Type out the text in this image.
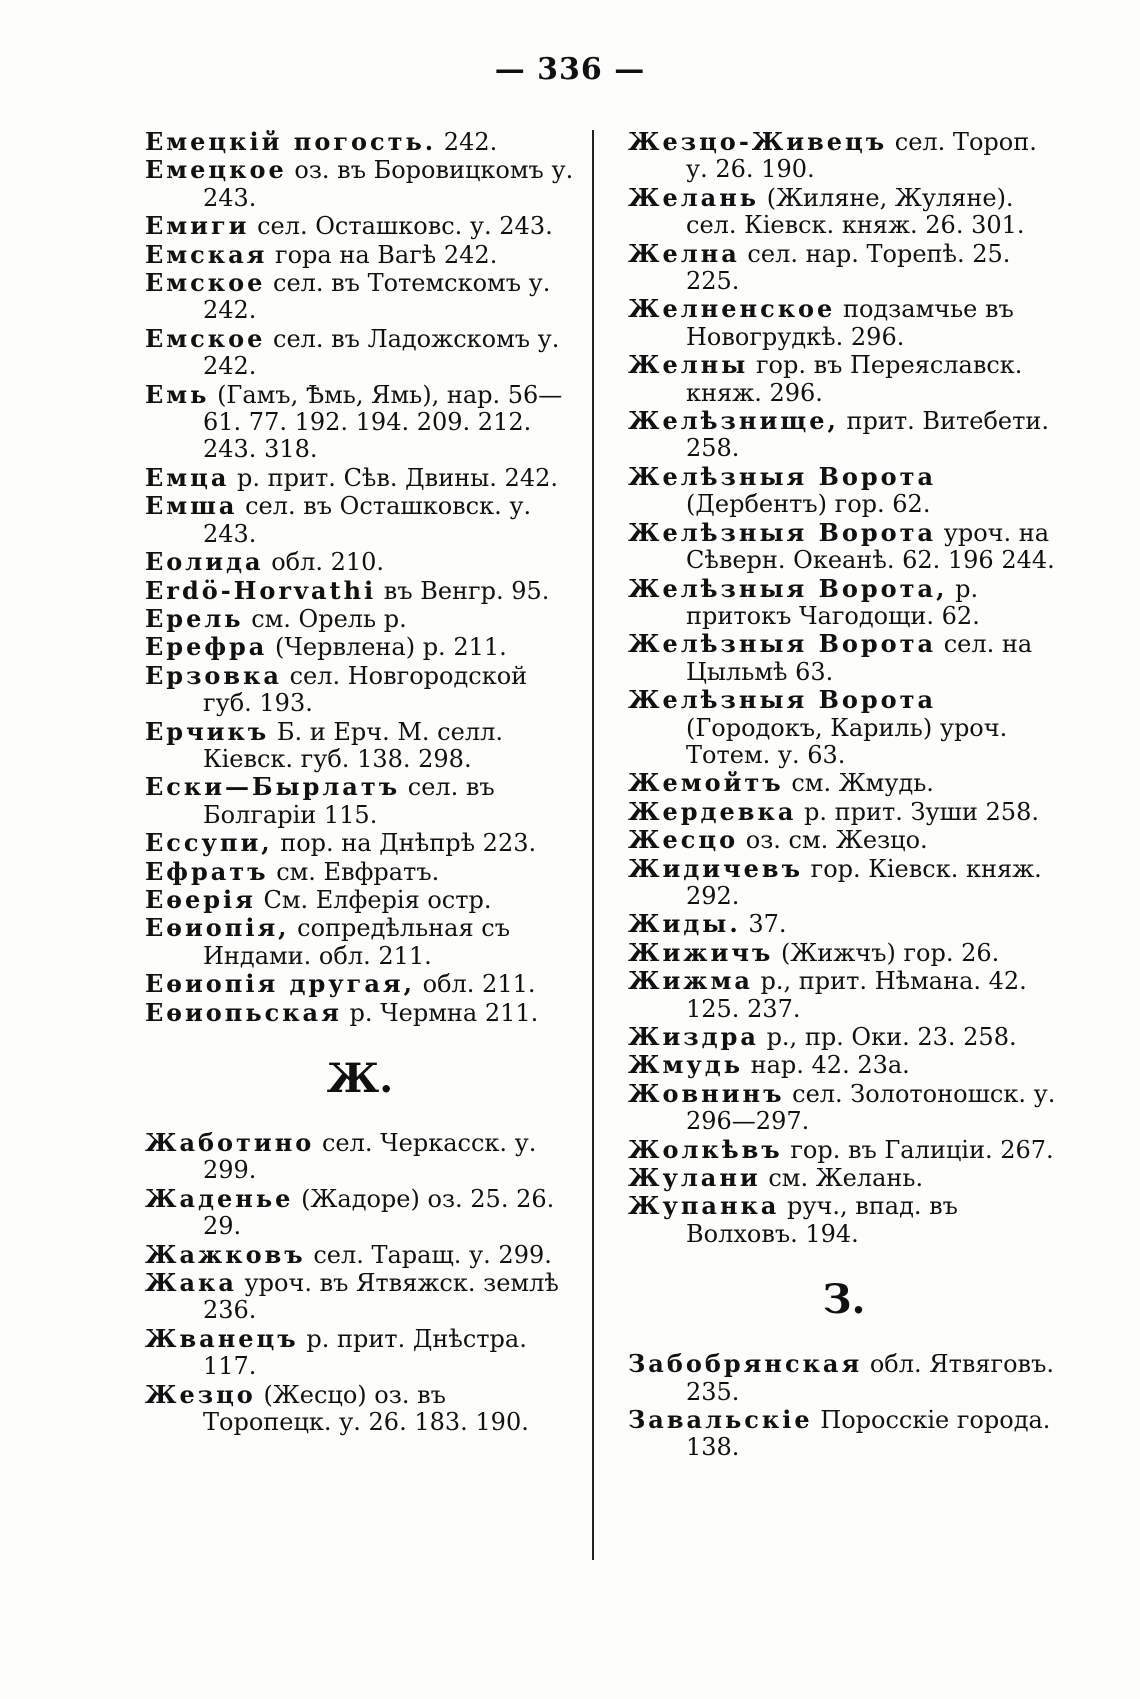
— 336 —

Емецкій погость. 242.

Емецкое оз. въ Боровицкомъ у. 243.

Емиги сел. Осташковс. у. 243.

Емская гора на Вагѣ 242.

Емское сел. въ Тотемскомъ у. 242.

Емское сел. въ Ладожскомъ у. 242.

Емь (Гамъ, Ѣмь, Ямь), нар. 56—61. 77. 192. 194. 209. 212. 243. 318.

Емца р. прит. Сѣв. Двины. 242.

Емша сел. въ Осташковск. у. 243.

Еолида обл. 210.

Erdö-Horvathi въ Венгр. 95.

Ерель см. Орель р.

Ерефра (Червлена) р. 211.

Ерзовка сел. Новгородской губ. 193.

Ерчикъ Б. и Ерч. М. селл. Кіевск. губ. 138. 298.

Ески—Бырлатъ сел. въ Болгаріи 115.

Ессупи, пор. на Днѣпрѣ 223.

Ефратъ см. Евфратъ.

Еѳерія См. Елферія остр.

Еѳиопія, сопредѣльная съ Индами. обл. 211.

Еѳиопія другая, обл. 211.

Еѳиопьская р. Чермна 211.

Ж.

Жаботино сел. Черкасск. у. 299.

Жаденье (Жадоре) оз. 25. 26. 29.

Жажковъ сел. Таращ. у. 299.

Жака уроч. въ Ятвяжск. землѣ 236.

Жванецъ р. прит. Днѣстра. 117.

Жезцо (Жесцо) оз. въ Торопецк. у. 26. 183. 190.

Жезцо-Живецъ сел. Тороп. у. 26. 190.

Желань (Жиляне, Жуляне). сел. Кіевск. княж. 26. 301.

Желна сел. нар. Торепѣ. 25. 225.

Желненское подзамчье въ Новогрудкѣ. 296.

Желны гор. въ Переяславск. княж. 296.

Желѣзнище, прит. Витебети. 258.

Желѣзныя Ворота (Дербентъ) гор. 62.

Желѣзныя Ворота уроч. на Сѣверн. Океанѣ. 62. 196 244.

Желѣзныя Ворота, р. притокъ Чагодощи. 62.

Желѣзныя Ворота сел. на Цыльмѣ 63.

Желѣзныя Ворота (Городокъ, Кариль) уроч. Тотем. у. 63.

Жемойтъ см. Жмудь.

Жердевка р. прит. Зуши 258.

Жесцо оз. см. Жезцо.

Жидичевъ гор. Кіевск. княж. 292.

Жиды. 37.

Жижичъ (Жижчъ) гор. 26.

Жижма р., прит. Нѣмана. 42. 125. 237.

Жиздра р., пр. Оки. 23. 258.

Жмудь нар. 42. 23а.

Жовнинъ сел. Золотоношск. у. 296—297.

Жолкѣвъ гор. въ Галиціи. 267.

Жулани см. Желань.

Жупанка руч., впад. въ Волховъ. 194.

З.

Забобрянская обл. Ятвяговъ. 235.

Завальскіе Поросскіе города. 138.
